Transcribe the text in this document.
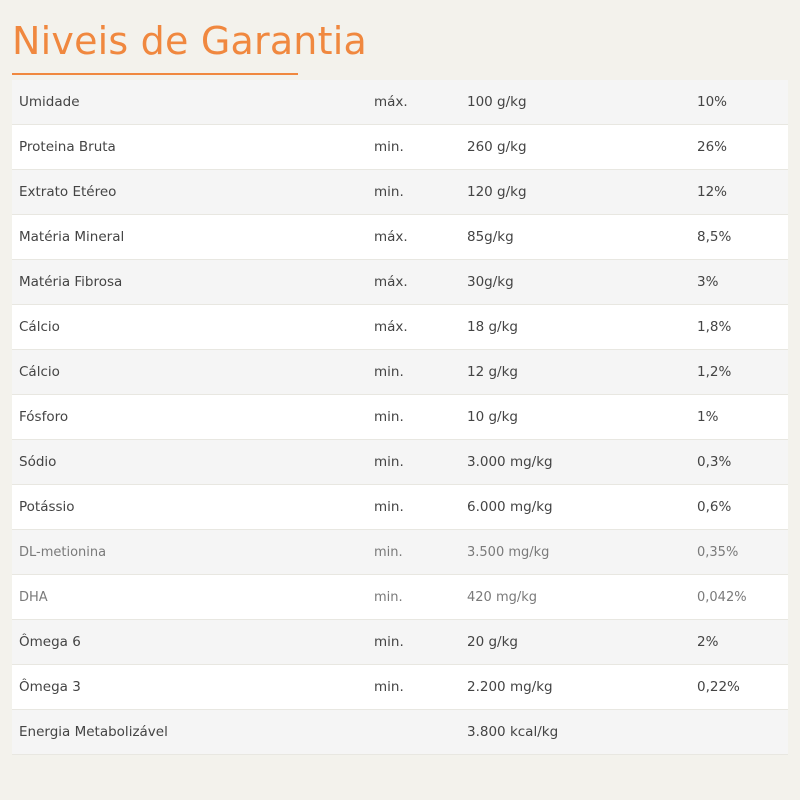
Niveis de Garantia
Umidade	máx.	100 g/kg	10%
Proteina Bruta	min.	260 g/kg	26%
Extrato Etéreo	min.	120 g/kg	12%
Matéria Mineral	máx.	85g/kg	8,5%
Matéria Fibrosa	máx.	30g/kg	3%
Cálcio	máx.	18 g/kg	1,8%
Cálcio	min.	12 g/kg	1,2%
Fósforo	min.	10 g/kg	1%
Sódio	min.	3.000 mg/kg	0,3%
Potássio	min.	6.000 mg/kg	0,6%
DL-metionina	min.	3.500 mg/kg	0,35%
DHA	min.	420 mg/kg	0,042%
Ômega 6	min.	20 g/kg	2%
Ômega 3	min.	2.200 mg/kg	0,22%
Energia Metabolizável		3.800 kcal/kg	
